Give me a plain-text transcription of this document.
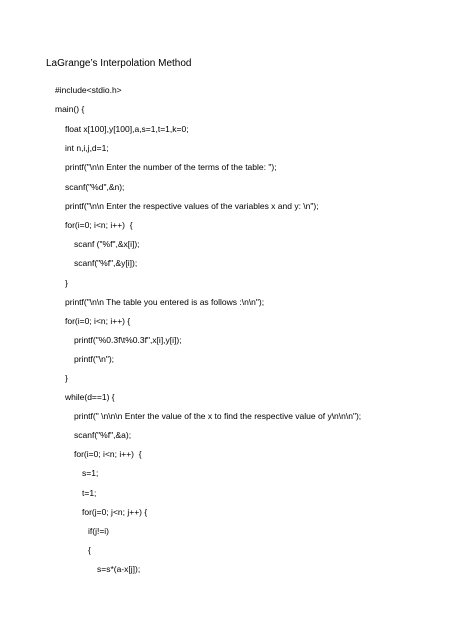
LaGrange’s Interpolation Method
#include<stdio.h>
main() {
float x[100],y[100],a,s=1,t=1,k=0;
int n,i,j,d=1;
printf("\n\n Enter the number of the terms of the table: ");
scanf("%d",&n);
printf("\n\n Enter the respective values of the variables x and y: \n");
for(i=0; i<n; i++)  {
scanf ("%f",&x[i]);
scanf("%f",&y[i]);
}
printf("\n\n The table you entered is as follows :\n\n");
for(i=0; i<n; i++) {
printf("%0.3f\t%0.3f",x[i],y[i]);
printf("\n");
}
while(d==1) {
printf(" \n\n\n Enter the value of the x to find the respective value of y\n\n\n");
scanf("%f",&a);
for(i=0; i<n; i++)  {
s=1;
t=1;
for(j=0; j<n; j++) {
if(j!=i)
{
s=s*(a-x[j]);
